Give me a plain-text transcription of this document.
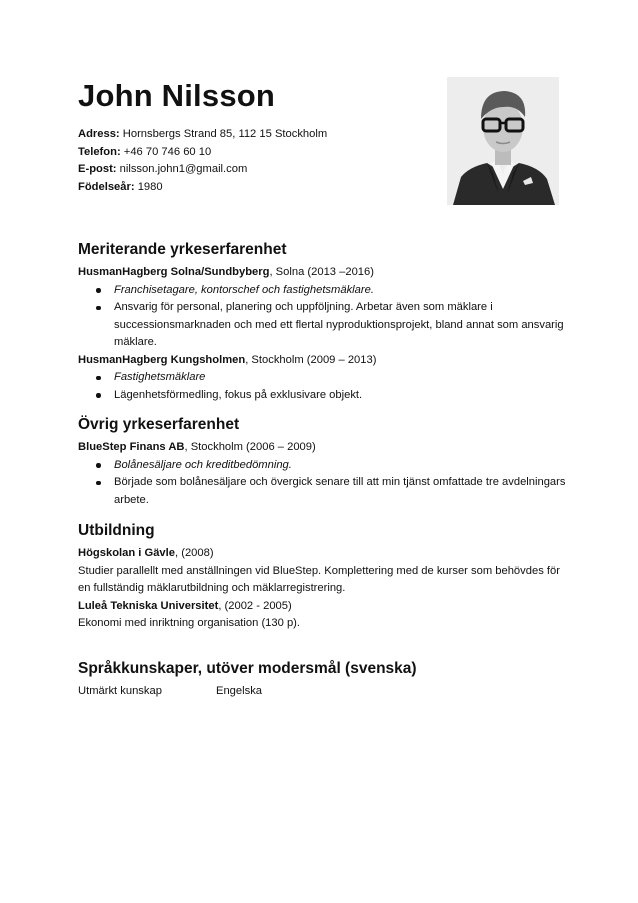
John Nilsson
Adress: Hornsbergs Strand 85, 112 15 Stockholm
Telefon: +46 70 746 60 10
E-post: nilsson.john1@gmail.com
Födelseår: 1980
Meriterande yrkeserfarenhet
HusmanHagberg Solna/Sundbyberg, Solna (2013 –2016)
Franchisetagare, kontorschef och fastighetsmäklare.
Ansvarig för personal, planering och uppföljning. Arbetar även som mäklare i successionsmarknaden och med ett flertal nyproduktionsprojekt, bland annat som ansvarig mäklare.
HusmanHagberg Kungsholmen, Stockholm (2009 – 2013)
Fastighetsmäklare
Lägenhetsförmedling, fokus på exklusivare objekt.
Övrig yrkeserfarenhet
BlueStep Finans AB, Stockholm (2006 – 2009)
Bolånesäljare och kreditbedömning.
Började som bolånesäljare och övergick senare till att min tjänst omfattade tre avdelningars arbete.
Utbildning
Högskolan i Gävle, (2008)

Studier parallellt med anställningen vid BlueStep. Komplettering med de kurser som behövdes för en fullständig mäklarutbildning och mäklarregistrering.

Luleå Tekniska Universitet, (2002 - 2005)

Ekonomi med inriktning organisation (130 p).

Språkkunskaper, utöver modersmål (svenska)
Utmärkt kunskap	Engelska
